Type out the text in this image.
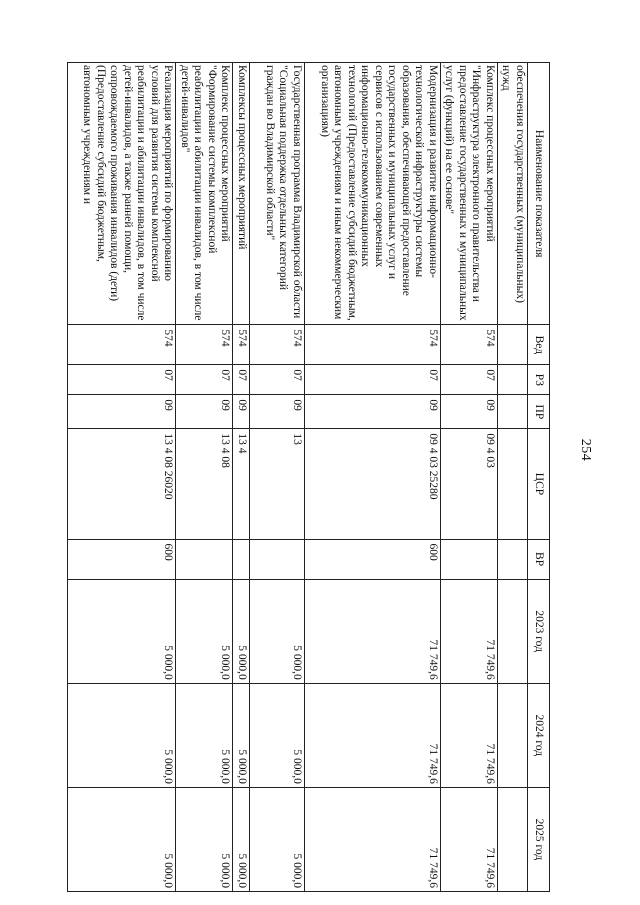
254
Наименование показателя	Вед	РЗ	ПР	ЦСР	ВР	2023 год	2024 год	2025 год
обеспечения государственных (муниципальных) нужд								
Комплекс процессных мероприятий "Инфраструктура электронного правительства и предоставление государственных и муниципальных услуг (функций) на ее основе"	574	07	09	09 4 03		71 749,6	71 749,6	71 749,6
Модернизация и развитие информационно-технологической инфраструктуры системы образования, обеспечивающей предоставление государственных и муниципальных услуг и сервисов с использованием современных информационно-телекоммуникационных технологий (Предоставление субсидий бюджетным, автономным учреждениям и иным некоммерческим организациям)	574	07	09	09 4 03 25280	600	71 749,6	71 749,6	71 749,6
Государственная программа Владимирской области "Социальная поддержка отдельных категорий граждан во Владимирской области"	574	07	09	13		5 000,0	5 000,0	5 000,0
Комплексы процессных мероприятий	574	07	09	13 4		5 000,0	5 000,0	5 000,0
Комплекс процессных мероприятий "Формирование системы комплексной реабилитации и абилитации инвалидов, в том числе детей-инвалидов"	574	07	09	13 4 08		5 000,0	5 000,0	5 000,0
Реализация мероприятий по формированию условий для развития системы комплексной реабилитации и абилитации инвалидов, в том числе детей-инвалидов, а также ранней помощи, сопровождаемого проживания инвалидов (дети) (Предоставление субсидий бюджетным, автономным учреждениям и	574	07	09	13 4 08 26020	600	5 000,0	5 000,0	5 000,0
